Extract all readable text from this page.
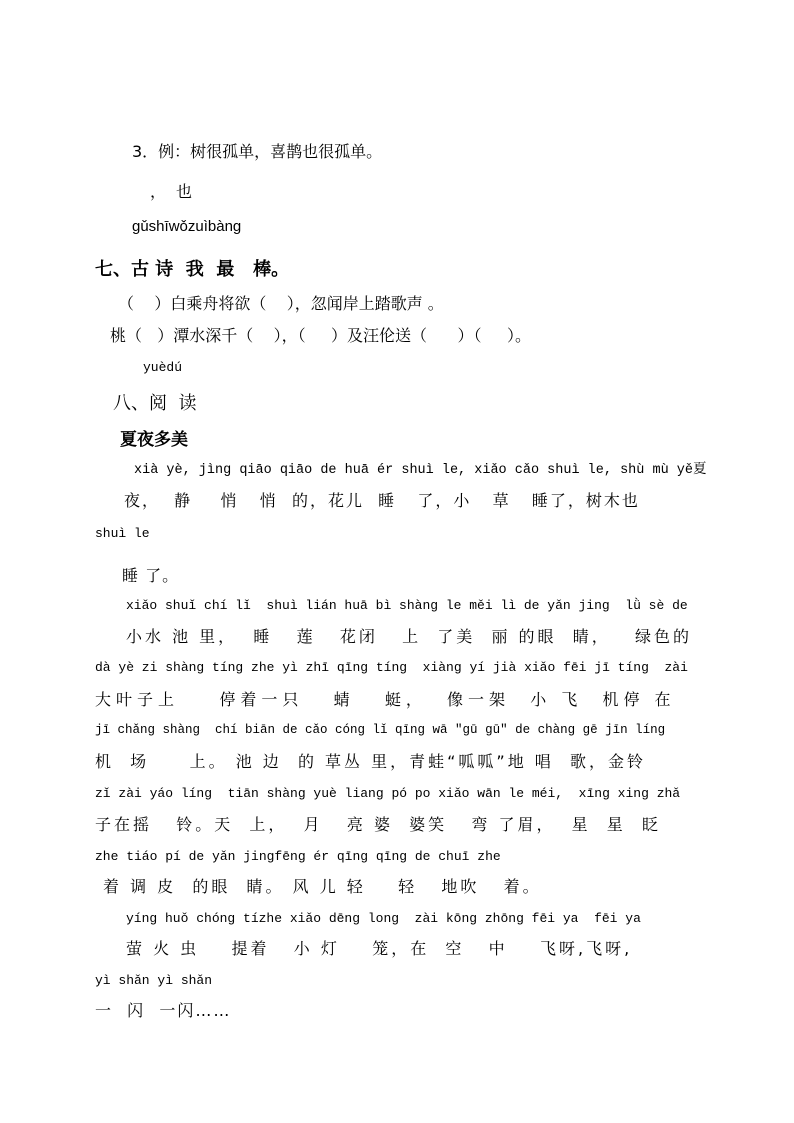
3．例：树很孤单，喜鹊也很孤单。
，也
gǔshīwǒzuìbàng
七、古 诗  我  最   棒。
（    ）白乘舟将欲（    ），忽闻岸上踏歌声 。
桃（   ）潭水深千（    ），（     ）及汪伦送（      ）（     ）。
yuèdú
八、阅  读
夏夜多美
xià yè, jìng qiāo qiāo de huā ér shuì le, xiǎo cǎo shuì le, shù mù yě夏
夜，  静    悄   悄  的，花儿  睡   了，小   草   睡了，树木也
shuì le
睡 了。
xiǎo shuǐ chí lǐ  shuì lián huā bì shàng le měi lì de yǎn jing  lǜ sè de
小水 池 里，  睡   莲   花闭   上  了美  丽 的眼  睛，   绿色的
dà yè zi shàng tíng zhe yì zhī qīng tíng  xiàng yí jià xiǎo fēi jī tíng  zài
大叶子上    停着一只   蜻   蜓，  像一架  小 飞  机停 在
jī chǎng shàng  chí biān de cǎo cóng lǐ qīng wā "gū gū" de chàng gē jīn líng
机  场     上。 池 边  的 草丛 里，青蛙“呱呱”地 唱  歌，金铃
zǐ zài yáo líng  tiān shàng yuè liang pó po xiǎo wān le méi,  xīng xing zhǎ
子在摇   铃。天  上，  月   亮 婆  婆笑   弯 了眉，  星  星  眨
zhe tiáo pí de yǎn jingfēng ér qīng qīng de chuī zhe
着 调 皮  的眼  睛。 风 儿 轻    轻   地吹   着。
yíng huǒ chóng tízhe xiǎo dēng long  zài kōng zhōng fēi ya  fēi ya
萤 火 虫    提着   小 灯    笼，在  空   中    飞呀,飞呀,
yì shǎn yì shǎn
一  闪  一闪……
